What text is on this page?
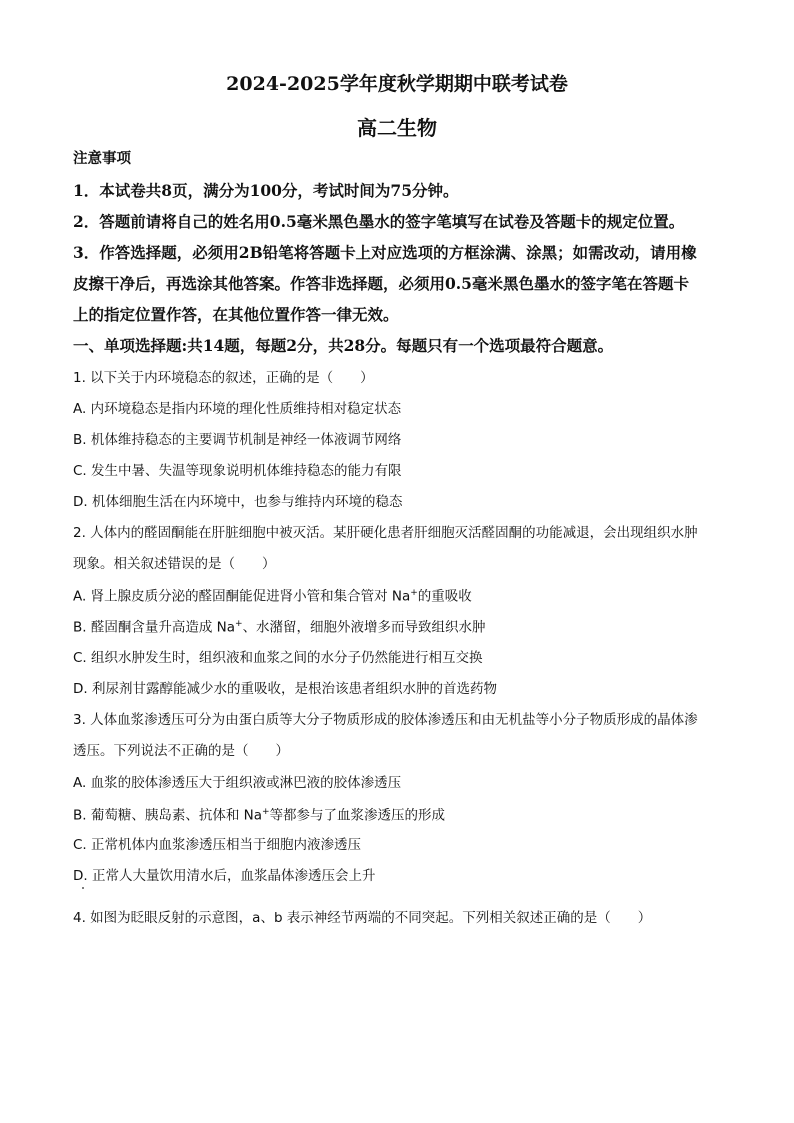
2024-2025学年度秋学期期中联考试卷
高二生物
注意事项
1．本试卷共8页，满分为100分，考试时间为75分钟。
2．答题前请将自己的姓名用0.5毫米黑色墨水的签字笔填写在试卷及答题卡的规定位置。
3．作答选择题，必须用2B铅笔将答题卡上对应选项的方框涂满、涂黑；如需改动，请用橡
皮擦干净后，再选涂其他答案。作答非选择题，必须用0.5毫米黑色墨水的签字笔在答题卡
上的指定位置作答，在其他位置作答一律无效。
一、单项选择题:共14题，每题2分，共28分。每题只有一个选项最符合题意。
1. 以下关于内环境稳态的叙述，正确的是（　　）
A. 内环境稳态是指内环境的理化性质维持相对稳定状态
B. 机体维持稳态的主要调节机制是神经一体液调节网络
C. 发生中暑、失温等现象说明机体维持稳态的能力有限
D. 机体细胞生活在内环境中，也参与维持内环境的稳态
2. 人体内的醛固酮能在肝脏细胞中被灭活。某肝硬化患者肝细胞灭活醛固酮的功能减退，会出现组织水肿
现象。相关叙述错误的是（　　）
A. 肾上腺皮质分泌的醛固酮能促进肾小管和集合管对 Na+的重吸收
B. 醛固酮含量升高造成 Na+、水潴留，细胞外液增多而导致组织水肿
C. 组织水肿发生时，组织液和血浆之间的水分子仍然能进行相互交换
D. 利尿剂甘露醇能减少水的重吸收，是根治该患者组织水肿的首选药物
3. 人体血浆渗透压可分为由蛋白质等大分子物质形成的胶体渗透压和由无机盐等小分子物质形成的晶体渗
透压。下列说法不正确的是（　　）
A. 血浆的胶体渗透压大于组织液或淋巴液的胶体渗透压
B. 葡萄糖、胰岛素、抗体和 Na+等都参与了血浆渗透压的形成
C. 正常机体内血浆渗透压相当于细胞内液渗透压
D. 正常人大量饮用清水后，血浆晶体渗透压会上升
4. 如图为眨眼反射的示意图，a、b 表示神经节两端的不同突起。下列相关叙述正确的是（　　）
